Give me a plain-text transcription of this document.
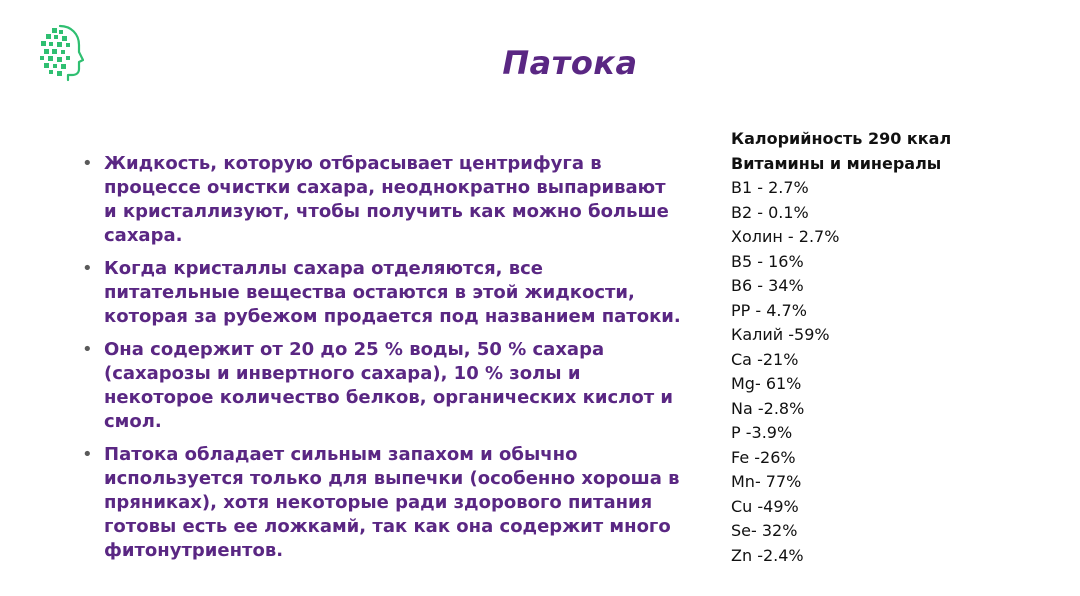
Патока
• Жидкость, которую отбрасывает центрифуга в процессе очистки сахара, неоднократно выпаривают и кристаллизуют, чтобы получить как можно больше сахара.
• Когда кристаллы сахара отделяются, все питательные вещества остаются в этой жидкости, которая за рубежом продается под названием патоки.
• Она содержит от 20 до 25 % воды, 50 % сахара (сахарозы и инвертного сахара), 10 % золы и некоторое количество белков, органических кислот и смол.
• Патока обладает сильным запахом и обычно используется только для выпечки (особенно хороша в пряниках), хотя некоторые ради здорового питания готовы есть ее ложкамй, так как она содержит много фитонутриентов.
Калорийность 290 ккал
Витамины и минералы
В1 - 2.7%
В2 - 0.1%
Холин - 2.7%
В5 - 16%
В6 - 34%
РР - 4.7%
Калий -59%
Са -21%
Mg- 61%
Na -2.8%
Р -3.9%
Fe -26%
Mn- 77%
Cu -49%
Se- 32%
Zn -2.4%
